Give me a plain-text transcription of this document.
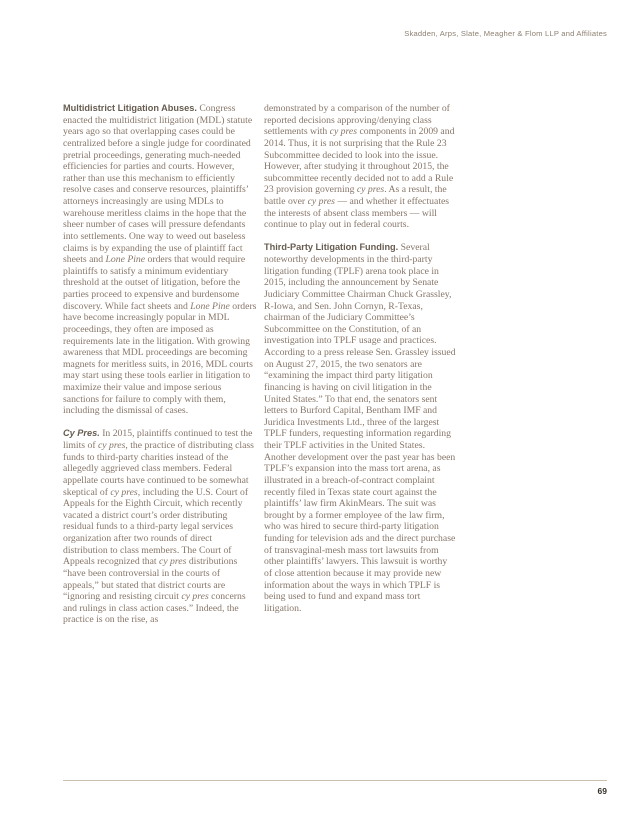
Skadden, Arps, Slate, Meagher & Flom LLP and Affiliates

Multidistrict Litigation Abuses. Congress enacted the multidistrict litigation (MDL) statute years ago so that overlapping cases could be centralized before a single judge for coordinated pretrial proceedings, generating much-needed efficiencies for parties and courts. However, rather than use this mechanism to efficiently resolve cases and conserve resources, plaintiffs’ attorneys increasingly are using MDLs to warehouse meritless claims in the hope that the sheer number of cases will pressure defendants into settlements. One way to weed out baseless claims is by expanding the use of plaintiff fact sheets and Lone Pine orders that would require plaintiffs to satisfy a minimum evidentiary threshold at the outset of litigation, before the parties proceed to expensive and burdensome discovery. While fact sheets and Lone Pine orders have become increasingly popular in MDL proceedings, they often are imposed as requirements late in the litigation. With growing awareness that MDL proceedings are becoming magnets for meritless suits, in 2016, MDL courts may start using these tools earlier in litigation to maximize their value and impose serious sanctions for failure to comply with them, including the dismissal of cases.

Cy Pres. In 2015, plaintiffs continued to test the limits of cy pres, the practice of distributing class funds to third-party charities instead of the allegedly aggrieved class members. Federal appellate courts have continued to be somewhat skeptical of cy pres, including the U.S. Court of Appeals for the Eighth Circuit, which recently vacated a district court’s order distributing residual funds to a third-party legal services organization after two rounds of direct distribution to class members. The Court of Appeals recognized that cy pres distributions “have been controversial in the courts of appeals,” but stated that district courts are “ignoring and resisting circuit cy pres concerns and rulings in class action cases.” Indeed, the practice is on the rise, as

demonstrated by a comparison of the number of reported decisions approving/denying class settlements with cy pres components in 2009 and 2014. Thus, it is not surprising that the Rule 23 Subcommittee decided to look into the issue. However, after studying it throughout 2015, the subcommittee recently decided not to add a Rule 23 provision governing cy pres. As a result, the battle over cy pres — and whether it effectuates the interests of absent class members — will continue to play out in federal courts.

Third-Party Litigation Funding. Several noteworthy developments in the third-party litigation funding (TPLF) arena took place in 2015, including the announcement by Senate Judiciary Committee Chairman Chuck Grassley, R-Iowa, and Sen. John Cornyn, R-Texas, chairman of the Judiciary Committee’s Subcommittee on the Constitution, of an investigation into TPLF usage and practices. According to a press release Sen. Grassley issued on August 27, 2015, the two senators are “examining the impact third party litigation financing is having on civil litigation in the United States.” To that end, the senators sent letters to Burford Capital, Bentham IMF and Juridica Investments Ltd., three of the largest TPLF funders, requesting information regarding their TPLF activities in the United States. Another development over the past year has been TPLF’s expansion into the mass tort arena, as illustrated in a breach-of-contract complaint recently filed in Texas state court against the plaintiffs’ law firm AkinMears. The suit was brought by a former employee of the law firm, who was hired to secure third-party litigation funding for television ads and the direct purchase of transvaginal-mesh mass tort lawsuits from other plaintiffs’ lawyers. This lawsuit is worthy of close attention because it may provide new information about the ways in which TPLF is being used to fund and expand mass tort litigation.

69
